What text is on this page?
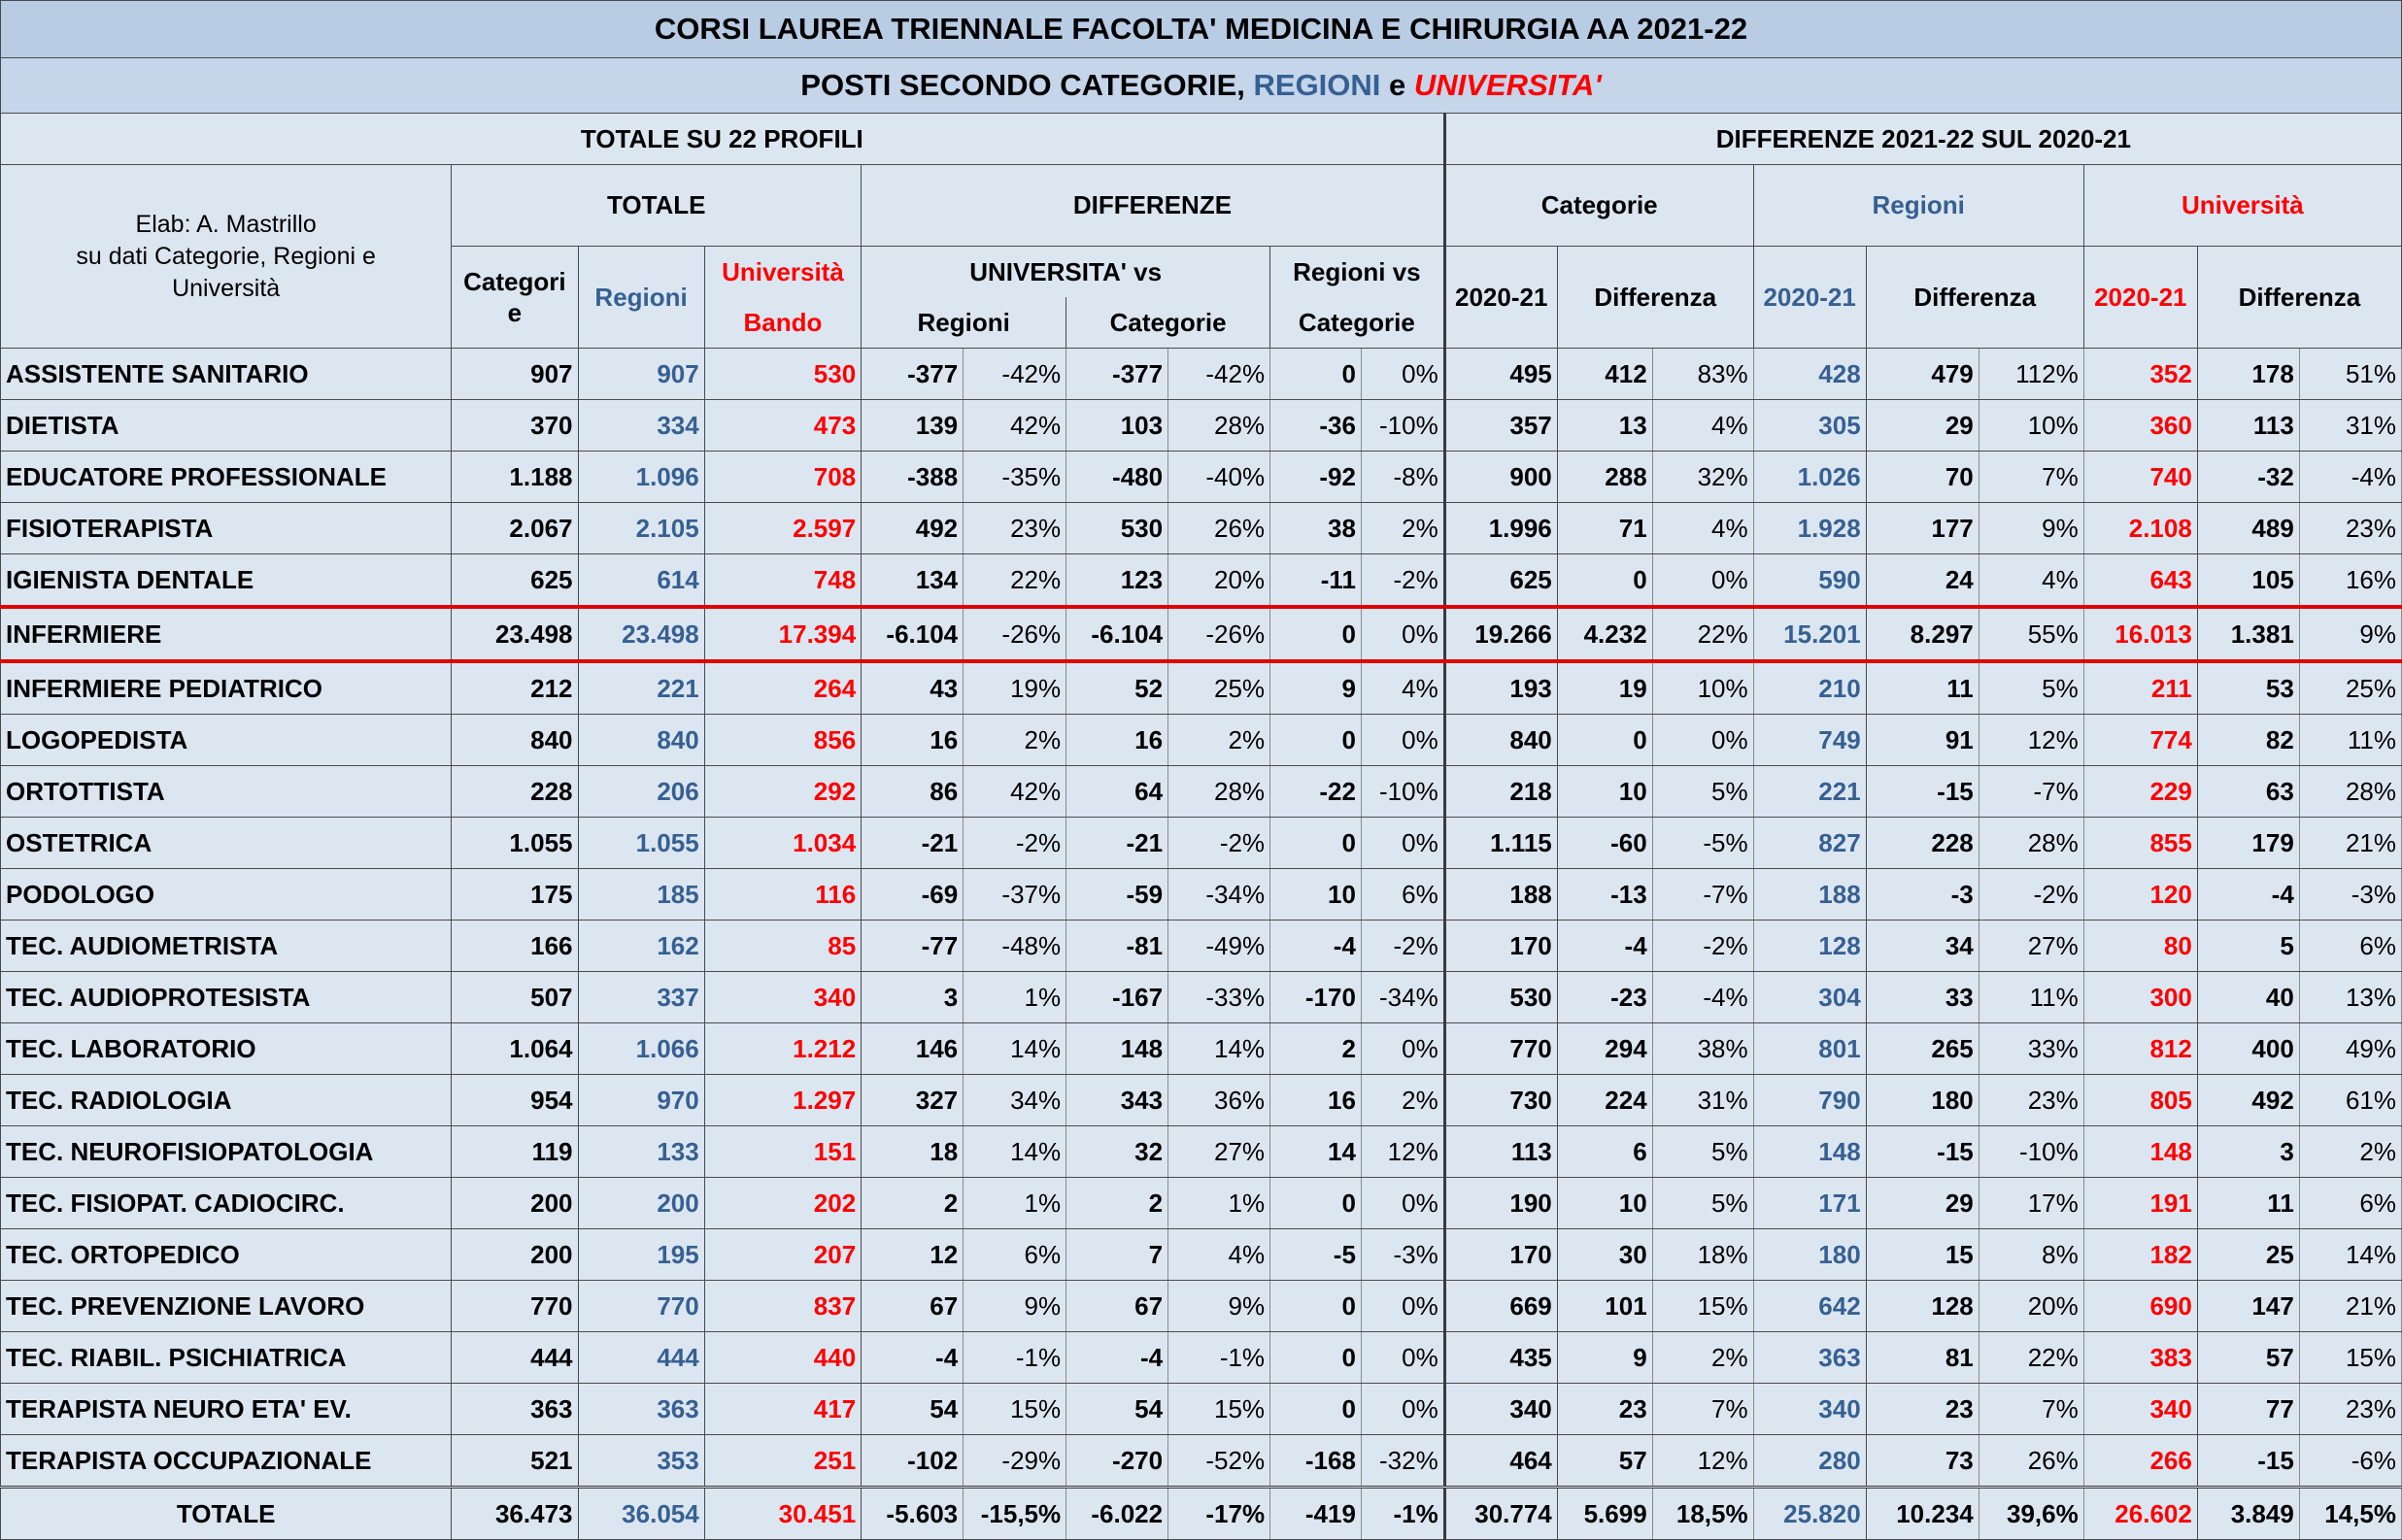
CORSI LAUREA TRIENNALE FACOLTA' MEDICINA E CHIRURGIA AA 2021-22																		
POSTI SECONDO CATEGORIE, REGIONI e UNIVERSITA'																		
TOTALE SU 22 PROFILI										DIFFERENZE 2021-22 SUL 2020-21								

Elab: A. Mastrillo
su dati Categorie, Regioni e
Università	TOTALE			DIFFERENZE						Categorie			Regioni			Università		
	Categori e	Regioni	Università	UNIVERSITA' vs				Regioni vs		2020-21	Differenza		2020-21	Differenza		2020-21	Differenza	
			Bando	Regioni		Categorie		Categorie										
ASSISTENTE SANITARIO	907	907	530	-377	-42%	-377	-42%	0	0%	495	412	83%	428	479	112%	352	178	51%
DIETISTA	370	334	473	139	42%	103	28%	-36	-10%	357	13	4%	305	29	10%	360	113	31%
EDUCATORE PROFESSIONALE	1.188	1.096	708	-388	-35%	-480	-40%	-92	-8%	900	288	32%	1.026	70	7%	740	-32	-4%
FISIOTERAPISTA	2.067	2.105	2.597	492	23%	530	26%	38	2%	1.996	71	4%	1.928	177	9%	2.108	489	23%
IGIENISTA DENTALE	625	614	748	134	22%	123	20%	-11	-2%	625	0	0%	590	24	4%	643	105	16%
INFERMIERE	23.498	23.498	17.394	-6.104	-26%	-6.104	-26%	0	0%	19.266	4.232	22%	15.201	8.297	55%	16.013	1.381	9%
INFERMIERE PEDIATRICO	212	221	264	43	19%	52	25%	9	4%	193	19	10%	210	11	5%	211	53	25%
LOGOPEDISTA	840	840	856	16	2%	16	2%	0	0%	840	0	0%	749	91	12%	774	82	11%
ORTOTTISTA	228	206	292	86	42%	64	28%	-22	-10%	218	10	5%	221	-15	-7%	229	63	28%
OSTETRICA	1.055	1.055	1.034	-21	-2%	-21	-2%	0	0%	1.115	-60	-5%	827	228	28%	855	179	21%
PODOLOGO	175	185	116	-69	-37%	-59	-34%	10	6%	188	-13	-7%	188	-3	-2%	120	-4	-3%
TEC. AUDIOMETRISTA	166	162	85	-77	-48%	-81	-49%	-4	-2%	170	-4	-2%	128	34	27%	80	5	6%
TEC. AUDIOPROTESISTA	507	337	340	3	1%	-167	-33%	-170	-34%	530	-23	-4%	304	33	11%	300	40	13%
TEC. LABORATORIO	1.064	1.066	1.212	146	14%	148	14%	2	0%	770	294	38%	801	265	33%	812	400	49%
TEC. RADIOLOGIA	954	970	1.297	327	34%	343	36%	16	2%	730	224	31%	790	180	23%	805	492	61%
TEC. NEUROFISIOPATOLOGIA	119	133	151	18	14%	32	27%	14	12%	113	6	5%	148	-15	-10%	148	3	2%
TEC. FISIOPAT. CADIOCIRC.	200	200	202	2	1%	2	1%	0	0%	190	10	5%	171	29	17%	191	11	6%
TEC. ORTOPEDICO	200	195	207	12	6%	7	4%	-5	-3%	170	30	18%	180	15	8%	182	25	14%
TEC. PREVENZIONE LAVORO	770	770	837	67	9%	67	9%	0	0%	669	101	15%	642	128	20%	690	147	21%
TEC. RIABIL. PSICHIATRICA	444	444	440	-4	-1%	-4	-1%	0	0%	435	9	2%	363	81	22%	383	57	15%
TERAPISTA NEURO ETA' EV.	363	363	417	54	15%	54	15%	0	0%	340	23	7%	340	23	7%	340	77	23%
TERAPISTA OCCUPAZIONALE	521	353	251	-102	-29%	-270	-52%	-168	-32%	464	57	12%	280	73	26%	266	-15	-6%
TOTALE	36.473	36.054	30.451	-5.603	-15,5%	-6.022	-17%	-419	-1%	30.774	5.699	18,5%	25.820	10.234	39,6%	26.602	3.849	14,5%
